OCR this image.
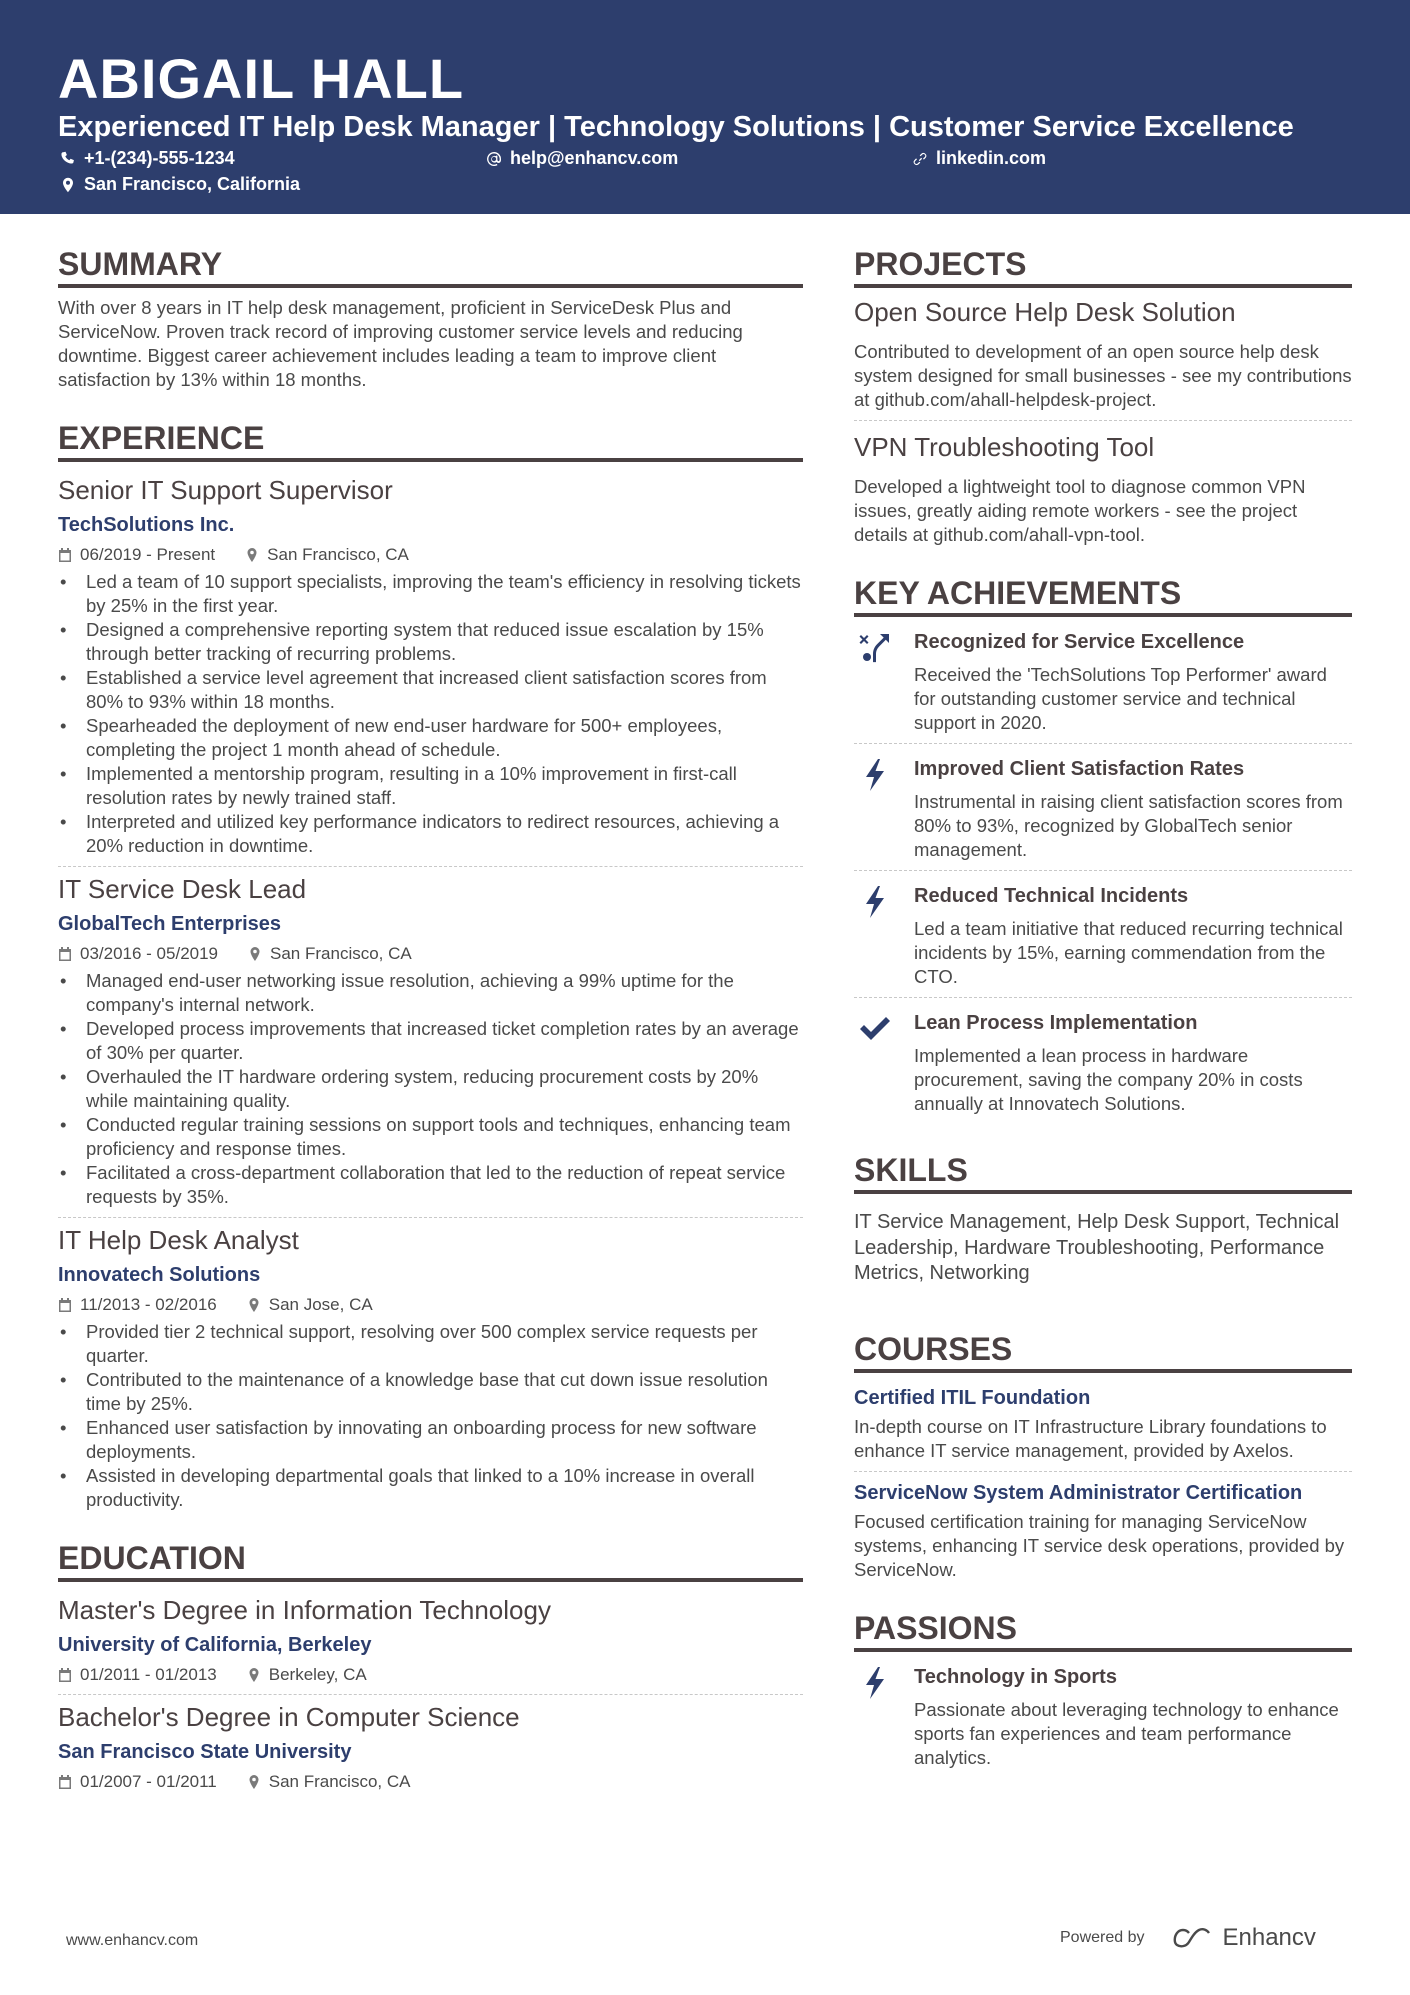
ABIGAIL HALL
Experienced IT Help Desk Manager | Technology Solutions | Customer Service Excellence
+1-(234)-555-1234	help@enhancv.com	linkedin.com
San Francisco, California
SUMMARY

With over 8 years in IT help desk management, proficient in ServiceDesk Plus and ServiceNow. Proven track record of improving customer service levels and reducing downtime. Biggest career achievement includes leading a team to improve client satisfaction by 13% within 18 months.

EXPERIENCE
Senior IT Support Supervisor
TechSolutions Inc.
06/2019 - Present	San Francisco, CA
• Led a team of 10 support specialists, improving the team's efficiency in resolving tickets by 25% in the first year.
• Designed a comprehensive reporting system that reduced issue escalation by 15% through better tracking of recurring problems.
• Established a service level agreement that increased client satisfaction scores from 80% to 93% within 18 months.
• Spearheaded the deployment of new end-user hardware for 500+ employees, completing the project 1 month ahead of schedule.
• Implemented a mentorship program, resulting in a 10% improvement in first-call resolution rates by newly trained staff.
• Interpreted and utilized key performance indicators to redirect resources, achieving a 20% reduction in downtime.
IT Service Desk Lead
GlobalTech Enterprises
03/2016 - 05/2019	San Francisco, CA
• Managed end-user networking issue resolution, achieving a 99% uptime for the company's internal network.
• Developed process improvements that increased ticket completion rates by an average of 30% per quarter.
• Overhauled the IT hardware ordering system, reducing procurement costs by 20% while maintaining quality.
• Conducted regular training sessions on support tools and techniques, enhancing team proficiency and response times.
• Facilitated a cross-department collaboration that led to the reduction of repeat service requests by 35%.
IT Help Desk Analyst
Innovatech Solutions
11/2013 - 02/2016	San Jose, CA
• Provided tier 2 technical support, resolving over 500 complex service requests per quarter.
• Contributed to the maintenance of a knowledge base that cut down issue resolution time by 25%.
• Enhanced user satisfaction by innovating an onboarding process for new software deployments.
• Assisted in developing departmental goals that linked to a 10% increase in overall productivity.
EDUCATION
Master's Degree in Information Technology
University of California, Berkeley
01/2011 - 01/2013	Berkeley, CA
Bachelor's Degree in Computer Science
San Francisco State University
01/2007 - 01/2011	San Francisco, CA
PROJECTS
Open Source Help Desk Solution

Contributed to development of an open source help desk system designed for small businesses - see my contributions at github.com/ahall-helpdesk-project.

VPN Troubleshooting Tool

Developed a lightweight tool to diagnose common VPN issues, greatly aiding remote workers - see the project details at github.com/ahall-vpn-tool.

KEY ACHIEVEMENTS
Recognized for Service Excellence
Received the 'TechSolutions Top Performer' award for outstanding customer service and technical support in 2020.
Improved Client Satisfaction Rates
Instrumental in raising client satisfaction scores from 80% to 93%, recognized by GlobalTech senior management.
Reduced Technical Incidents
Led a team initiative that reduced recurring technical incidents by 15%, earning commendation from the CTO.
Lean Process Implementation
Implemented a lean process in hardware procurement, saving the company 20% in costs annually at Innovatech Solutions.
SKILLS
IT Service Management, Help Desk Support, Technical Leadership, Hardware Troubleshooting, Performance Metrics, Networking
COURSES
Certified ITIL Foundation

In-depth course on IT Infrastructure Library foundations to enhance IT service management, provided by Axelos.

ServiceNow System Administrator Certification

Focused certification training for managing ServiceNow systems, enhancing IT service desk operations, provided by ServiceNow.

PASSIONS
Technology in Sports
Passionate about leveraging technology to enhance sports fan experiences and team performance analytics.
www.enhancv.com	Powered by	Enhancv
